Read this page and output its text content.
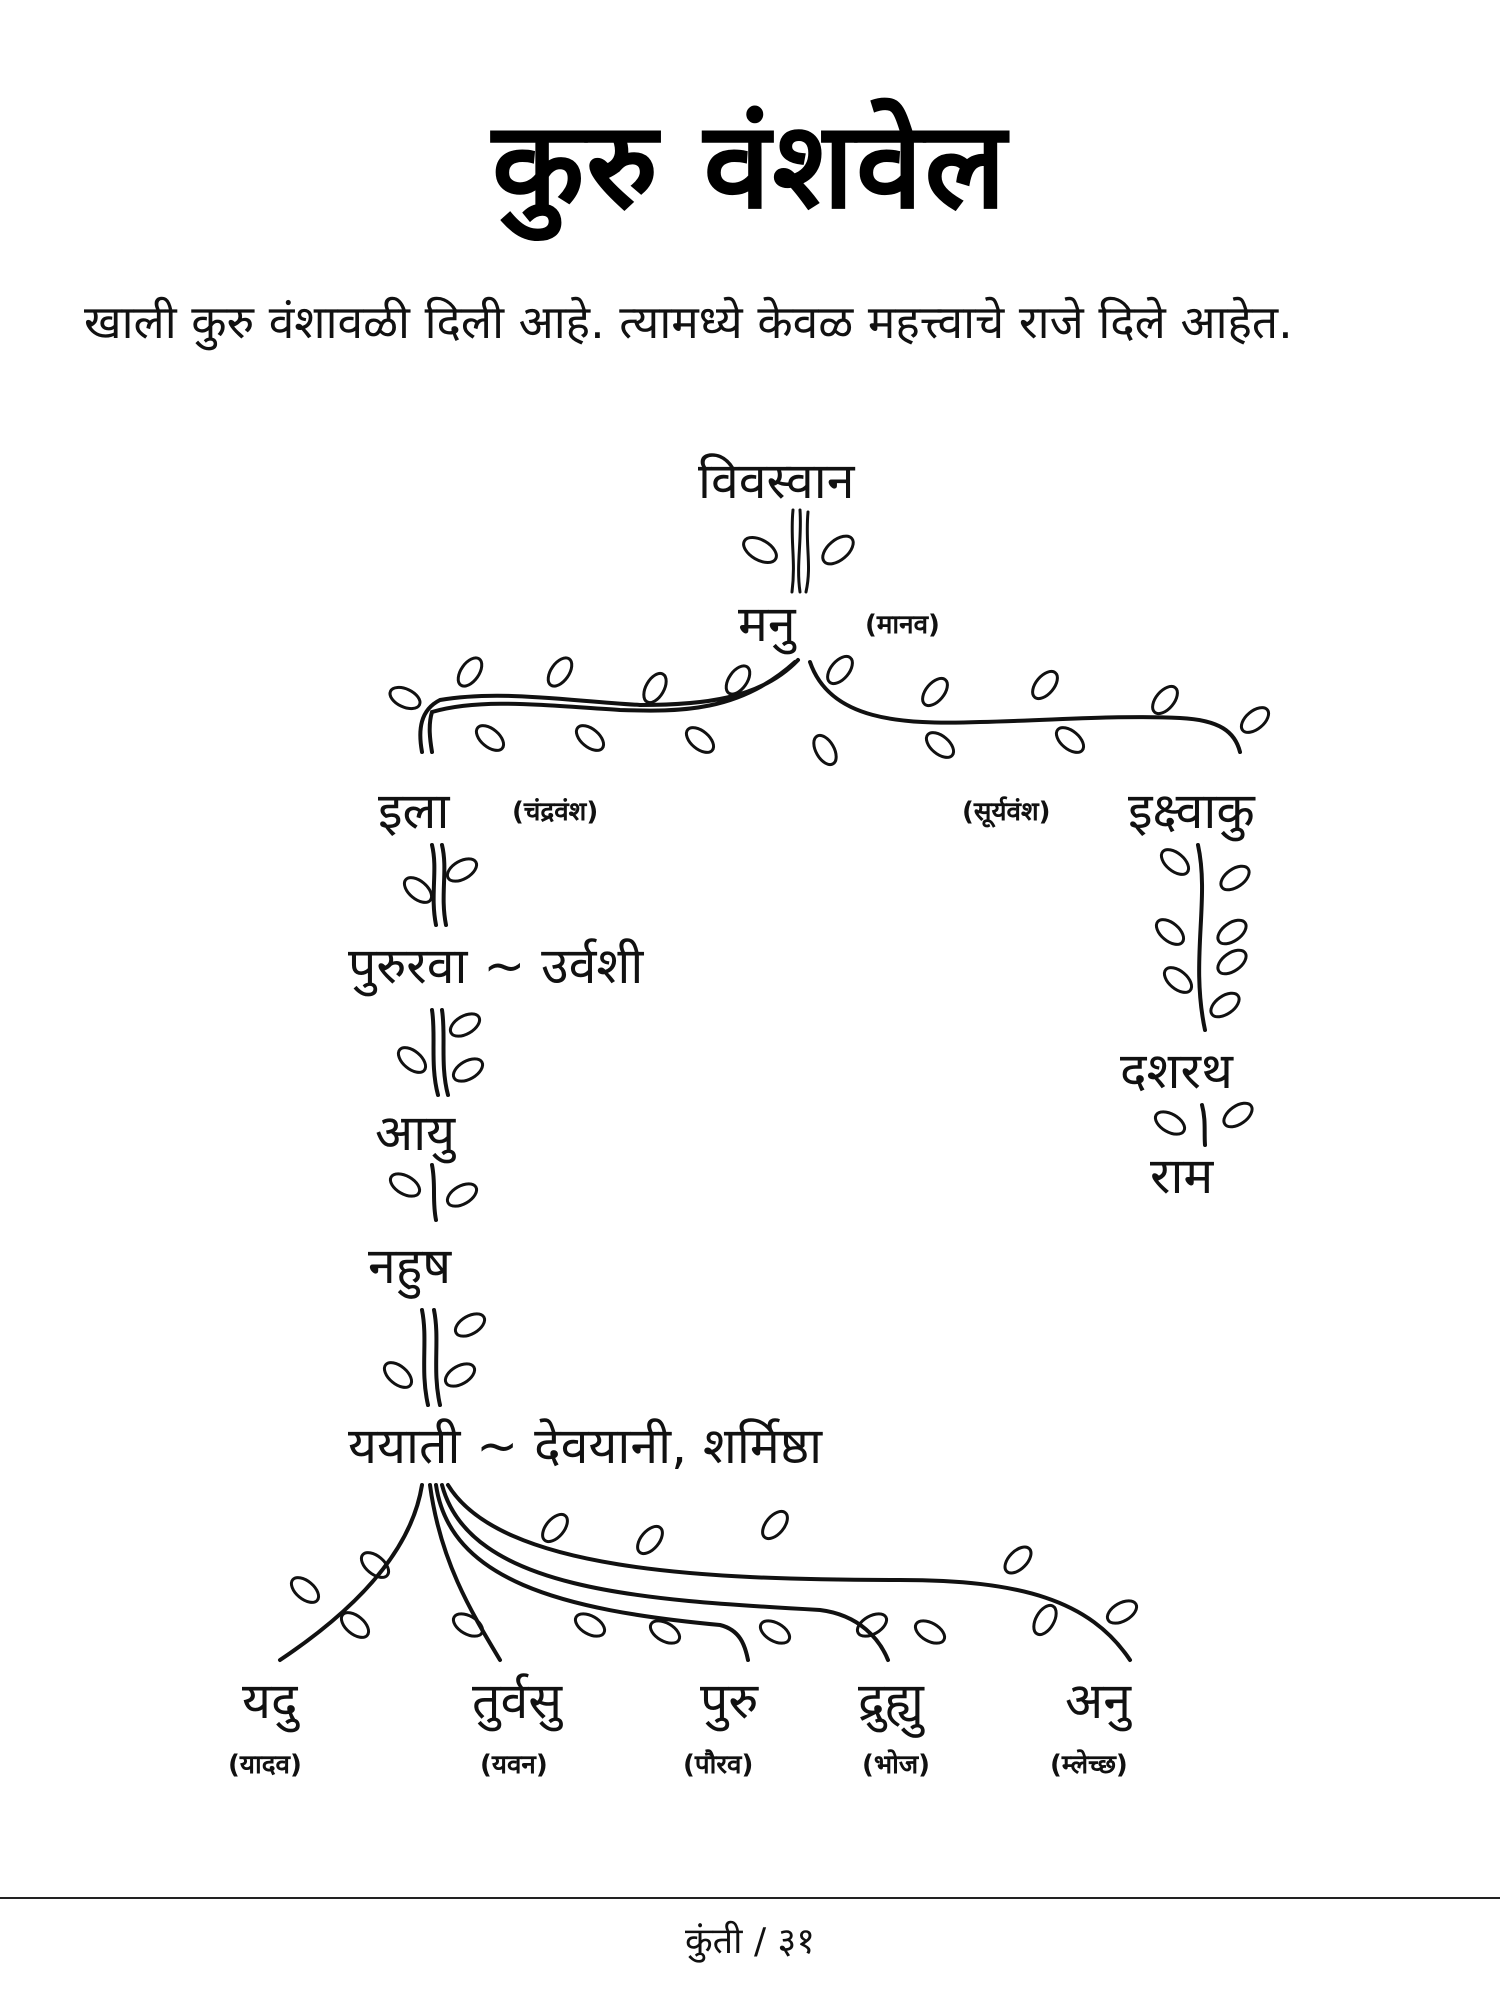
कुरु वंशवेल

खाली कुरु वंशावळी दिली आहे. त्यामध्ये केवळ महत्त्वाचे राजे दिले आहेत.

विवस्वान
मनु	(मानव)
इला (चंद्रवंश)	(सूर्यवंश) इक्ष्वाकु
पुरुरवा ~ उर्वशी
आयु
नहुष
ययाती ~ देवयानी, शर्मिष्ठा
दशरथ
राम
यदु
(यादव)
तुर्वसु
(यवन)
पुरु
(पौरव)
द्रुह्यु
(भोज)
अनु
(म्लेच्छ)
कुंती / ३१
